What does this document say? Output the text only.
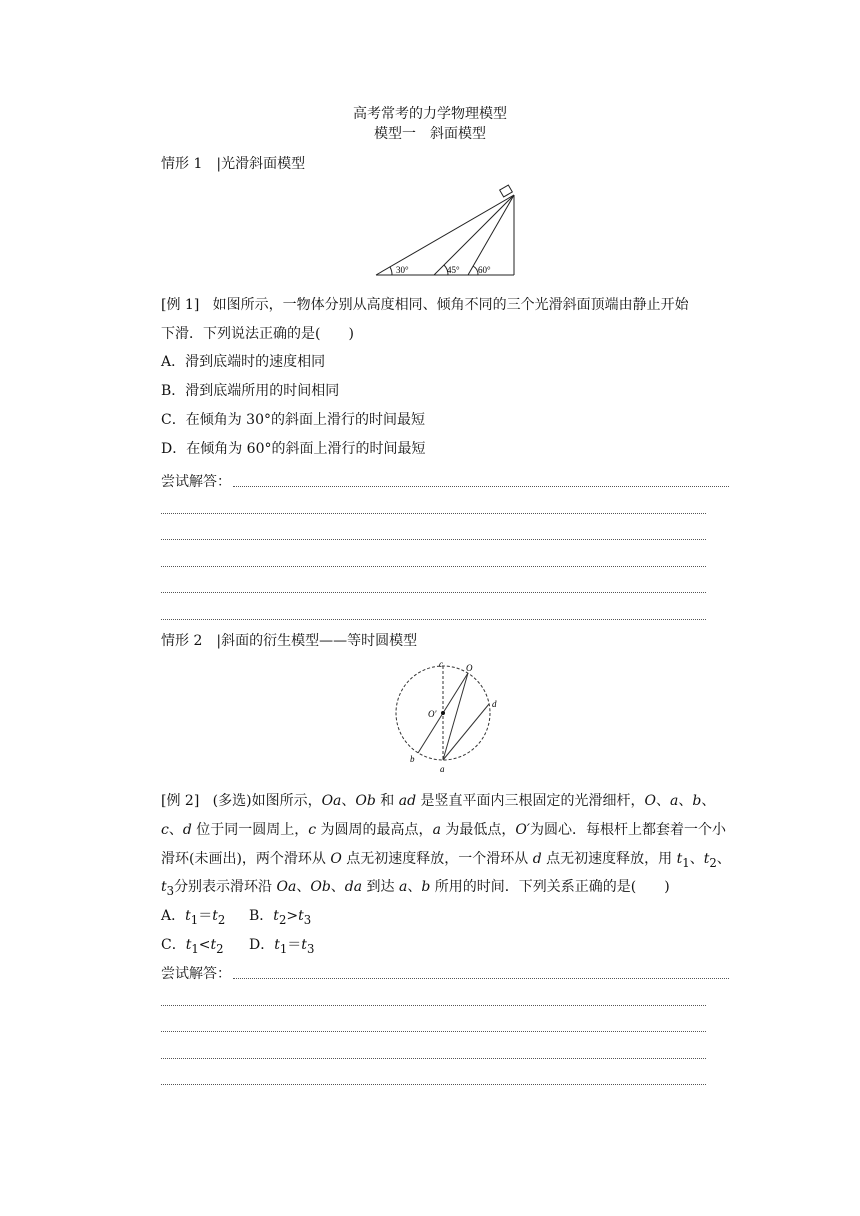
高考常考的力学物理模型
模型一　斜面模型
情形 1　|光滑斜面模型
30°	45° 60°
[例 1] 如图所示，一物体分别从高度相同、倾角不同的三个光滑斜面顶端由静止开始
下滑．下列说法正确的是(　　)
A．滑到底端时的速度相同
B．滑到底端所用的时间相同
C．在倾角为 30°的斜面上滑行的时间最短
D．在倾角为 60°的斜面上滑行的时间最短
尝试解答：
情形 2　|斜面的衍生模型——等时圆模型
c	O
O′
d
b
a
[例 2] (多选)如图所示，Oa、Ob 和 ad 是竖直平面内三根固定的光滑细杆，O、a、b、
c、d 位于同一圆周上，c 为圆周的最高点，a 为最低点，O′为圆心．每根杆上都套着一个小
滑环(未画出)，两个滑环从 O 点无初速度释放，一个滑环从 d 点无初速度释放，用 $t_1$、$t_2$、
$t_3$分别表示滑环沿 Oa、Ob、da 到达 a、b 所用的时间．下列关系正确的是(　　)
A．$t_1=t_2$ B．$t_2>t_3$
C．$t_1<t_2$ D．$t_1=t_3$
尝试解答：
